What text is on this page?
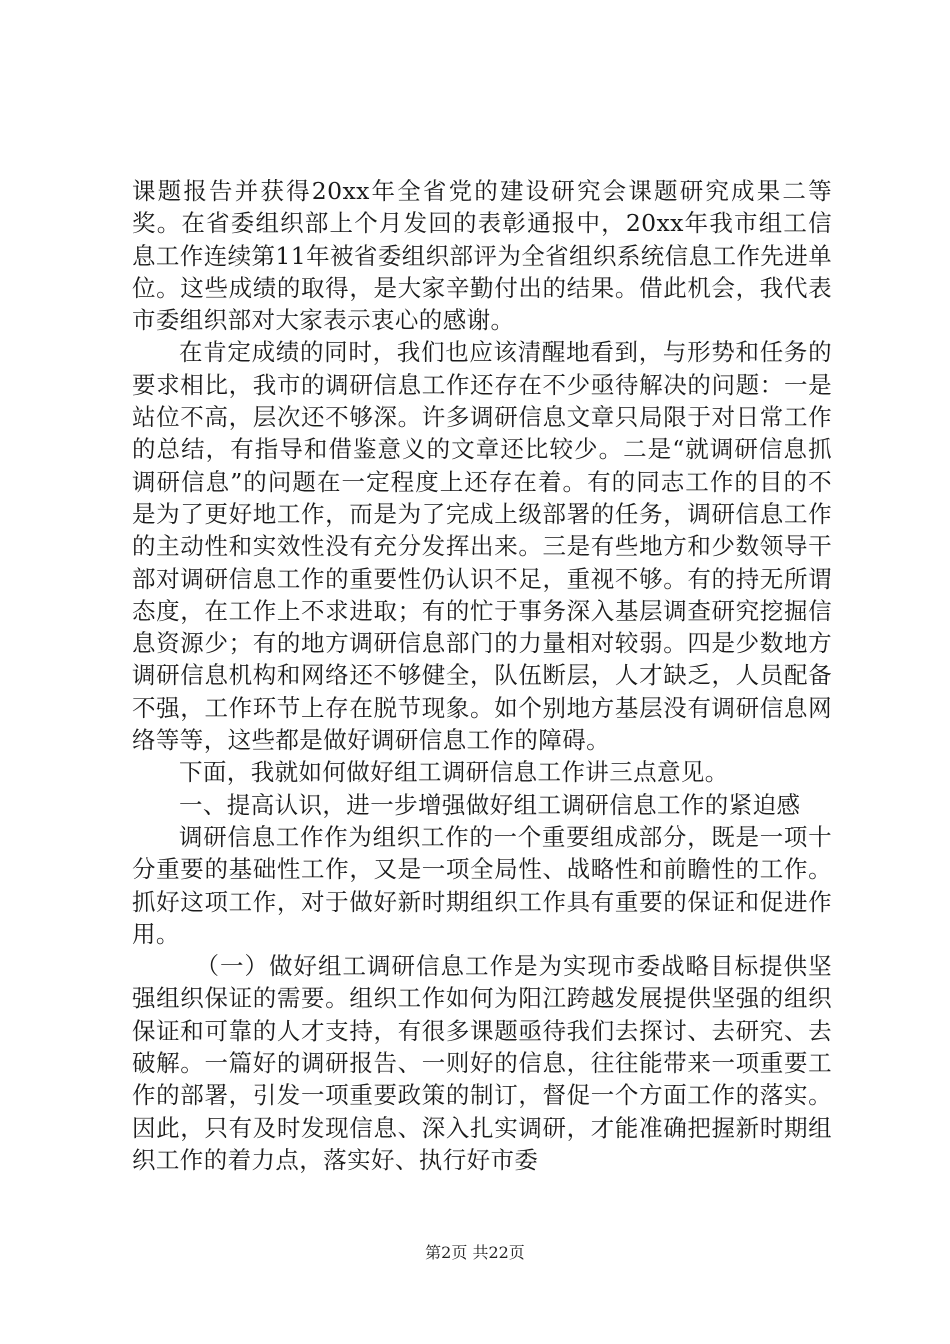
课题报告并获得20xx年全省党的建设研究会课题研究成果二等奖。在省委组织部上个月发回的表彰通报中，20xx年我市组工信息工作连续第11年被省委组织部评为全省组织系统信息工作先进单位。这些成绩的取得，是大家辛勤付出的结果。借此机会，我代表市委组织部对大家表示衷心的感谢。

在肯定成绩的同时，我们也应该清醒地看到，与形势和任务的要求相比，我市的调研信息工作还存在不少亟待解决的问题：一是站位不高，层次还不够深。许多调研信息文章只局限于对日常工作的总结，有指导和借鉴意义的文章还比较少。二是“就调研信息抓调研信息”的问题在一定程度上还存在着。有的同志工作的目的不是为了更好地工作，而是为了完成上级部署的任务，调研信息工作的主动性和实效性没有充分发挥出来。三是有些地方和少数领导干部对调研信息工作的重要性仍认识不足，重视不够。有的持无所谓态度，在工作上不求进取；有的忙于事务深入基层调查研究挖掘信息资源少；有的地方调研信息部门的力量相对较弱。四是少数地方调研信息机构和网络还不够健全，队伍断层，人才缺乏，人员配备不强，工作环节上存在脱节现象。如个别地方基层没有调研信息网络等等，这些都是做好调研信息工作的障碍。

下面，我就如何做好组工调研信息工作讲三点意见。

一、提高认识，进一步增强做好组工调研信息工作的紧迫感

调研信息工作作为组织工作的一个重要组成部分，既是一项十分重要的基础性工作，又是一项全局性、战略性和前瞻性的工作。抓好这项工作，对于做好新时期组织工作具有重要的保证和促进作用。

（一）做好组工调研信息工作是为实现市委战略目标提供坚强组织保证的需要。组织工作如何为阳江跨越发展提供坚强的组织保证和可靠的人才支持，有很多课题亟待我们去探讨、去研究、去破解。一篇好的调研报告、一则好的信息，往往能带来一项重要工作的部署，引发一项重要政策的制订，督促一个方面工作的落实。因此，只有及时发现信息、深入扎实调研，才能准确把握新时期组织工作的着力点，落实好、执行好市委

第2页 共22页
